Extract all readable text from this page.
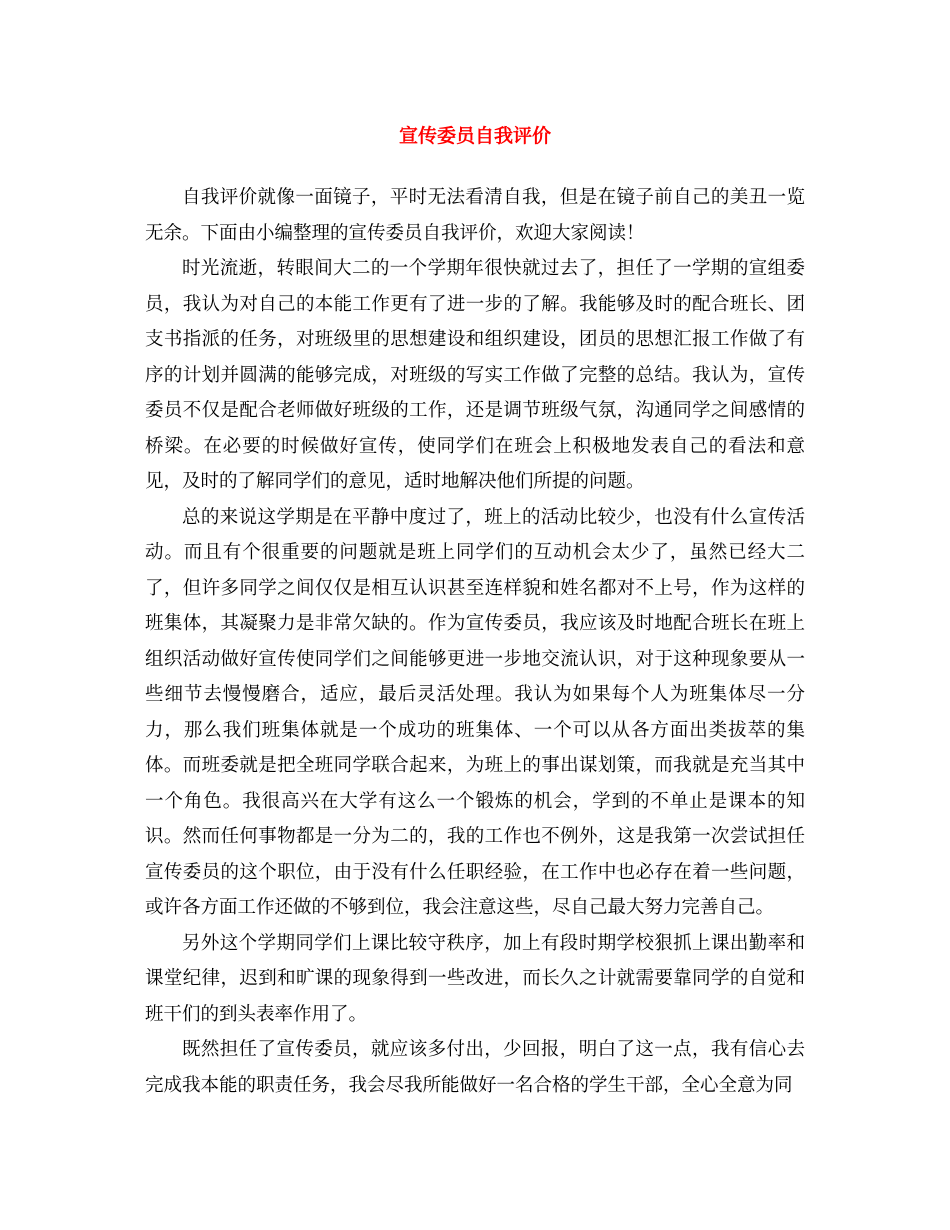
宣传委员自我评价

自我评价就像一面镜子，平时无法看清自我，但是在镜子前自己的美丑一览无余。下面由小编整理的宣传委员自我评价，欢迎大家阅读！

时光流逝，转眼间大二的一个学期年很快就过去了，担任了一学期的宣组委员，我认为对自己的本能工作更有了进一步的了解。我能够及时的配合班长、团支书指派的任务，对班级里的思想建设和组织建设，团员的思想汇报工作做了有序的计划并圆满的能够完成，对班级的写实工作做了完整的总结。我认为，宣传委员不仅是配合老师做好班级的工作，还是调节班级气氛，沟通同学之间感情的桥梁。在必要的时候做好宣传，使同学们在班会上积极地发表自己的看法和意见，及时的了解同学们的意见，适时地解决他们所提的问题。

总的来说这学期是在平静中度过了，班上的活动比较少，也没有什么宣传活动。而且有个很重要的问题就是班上同学们的互动机会太少了，虽然已经大二了，但许多同学之间仅仅是相互认识甚至连样貌和姓名都对不上号，作为这样的班集体，其凝聚力是非常欠缺的。作为宣传委员，我应该及时地配合班长在班上组织活动做好宣传使同学们之间能够更进一步地交流认识，对于这种现象要从一些细节去慢慢磨合，适应，最后灵活处理。我认为如果每个人为班集体尽一分力，那么我们班集体就是一个成功的班集体、一个可以从各方面出类拔萃的集体。而班委就是把全班同学联合起来，为班上的事出谋划策，而我就是充当其中一个角色。我很高兴在大学有这么一个锻炼的机会，学到的不单止是课本的知识。然而任何事物都是一分为二的，我的工作也不例外，这是我第一次尝试担任宣传委员的这个职位，由于没有什么任职经验，在工作中也必存在着一些问题，或许各方面工作还做的不够到位，我会注意这些，尽自己最大努力完善自己。

另外这个学期同学们上课比较守秩序，加上有段时期学校狠抓上课出勤率和课堂纪律，迟到和旷课的现象得到一些改进，而长久之计就需要靠同学的自觉和班干们的到头表率作用了。

既然担任了宣传委员，就应该多付出，少回报，明白了这一点，我有信心去完成我本能的职责任务，我会尽我所能做好一名合格的学生干部，全心全意为同
